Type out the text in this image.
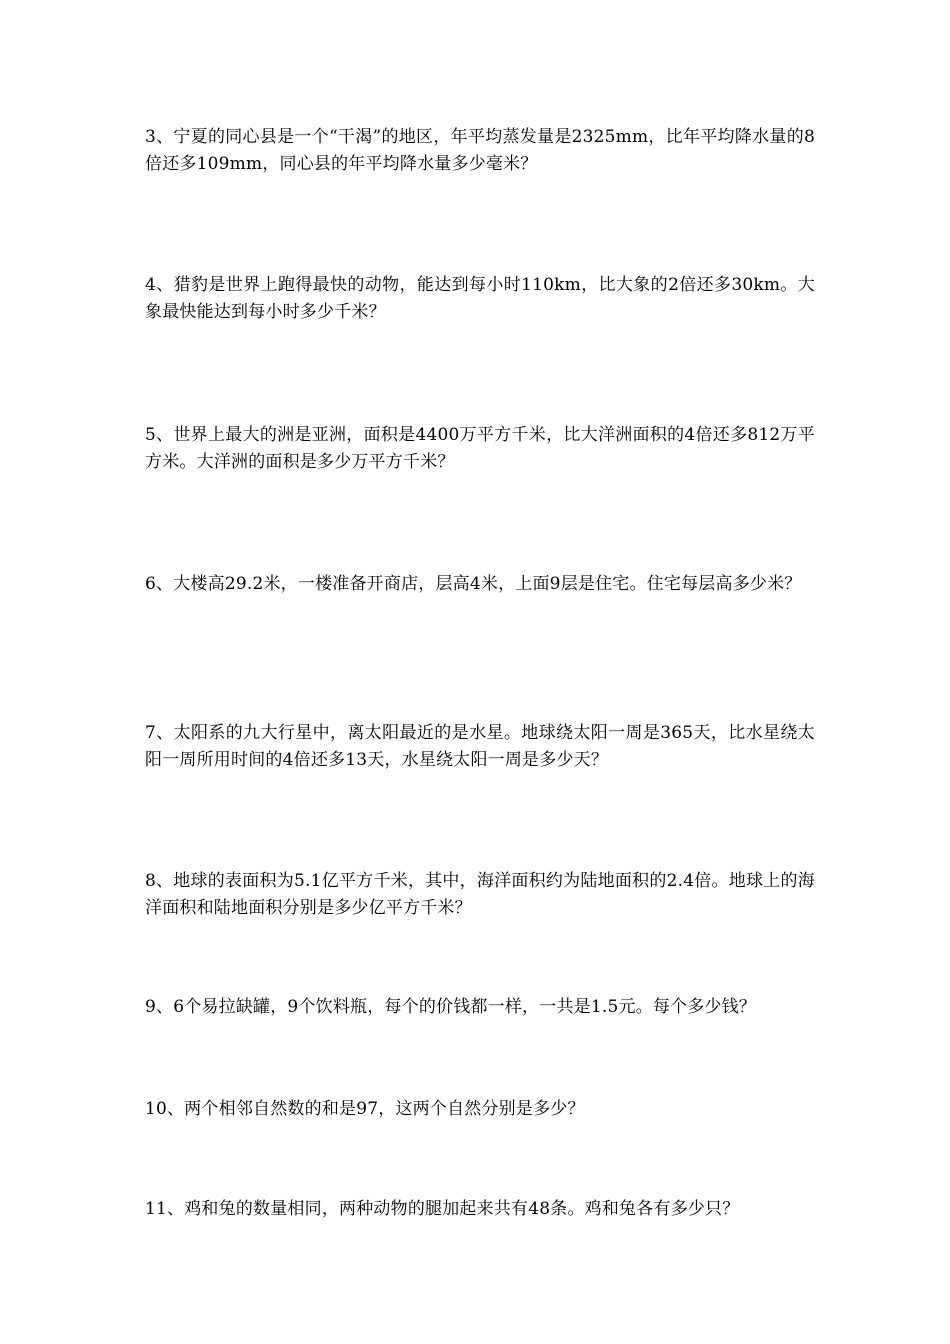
3、宁夏的同心县是一个“干渴”的地区，年平均蒸发量是2325mm，比年平均降水量的8倍还多109mm，同心县的年平均降水量多少毫米？

4、猎豹是世界上跑得最快的动物，能达到每小时110km，比大象的2倍还多30km。大象最快能达到每小时多少千米？

5、世界上最大的洲是亚洲，面积是4400万平方千米，比大洋洲面积的4倍还多812万平方米。大洋洲的面积是多少万平方千米？

6、大楼高29.2米，一楼准备开商店，层高4米，上面9层是住宅。住宅每层高多少米？

7、太阳系的九大行星中，离太阳最近的是水星。地球绕太阳一周是365天，比水星绕太阳一周所用时间的4倍还多13天，水星绕太阳一周是多少天？

8、地球的表面积为5.1亿平方千米，其中，海洋面积约为陆地面积的2.4倍。地球上的海洋面积和陆地面积分别是多少亿平方千米？

9、6个易拉缺罐，9个饮料瓶，每个的价钱都一样，一共是1.5元。每个多少钱？

10、两个相邻自然数的和是97，这两个自然分别是多少？

11、鸡和兔的数量相同，两种动物的腿加起来共有48条。鸡和兔各有多少只？
